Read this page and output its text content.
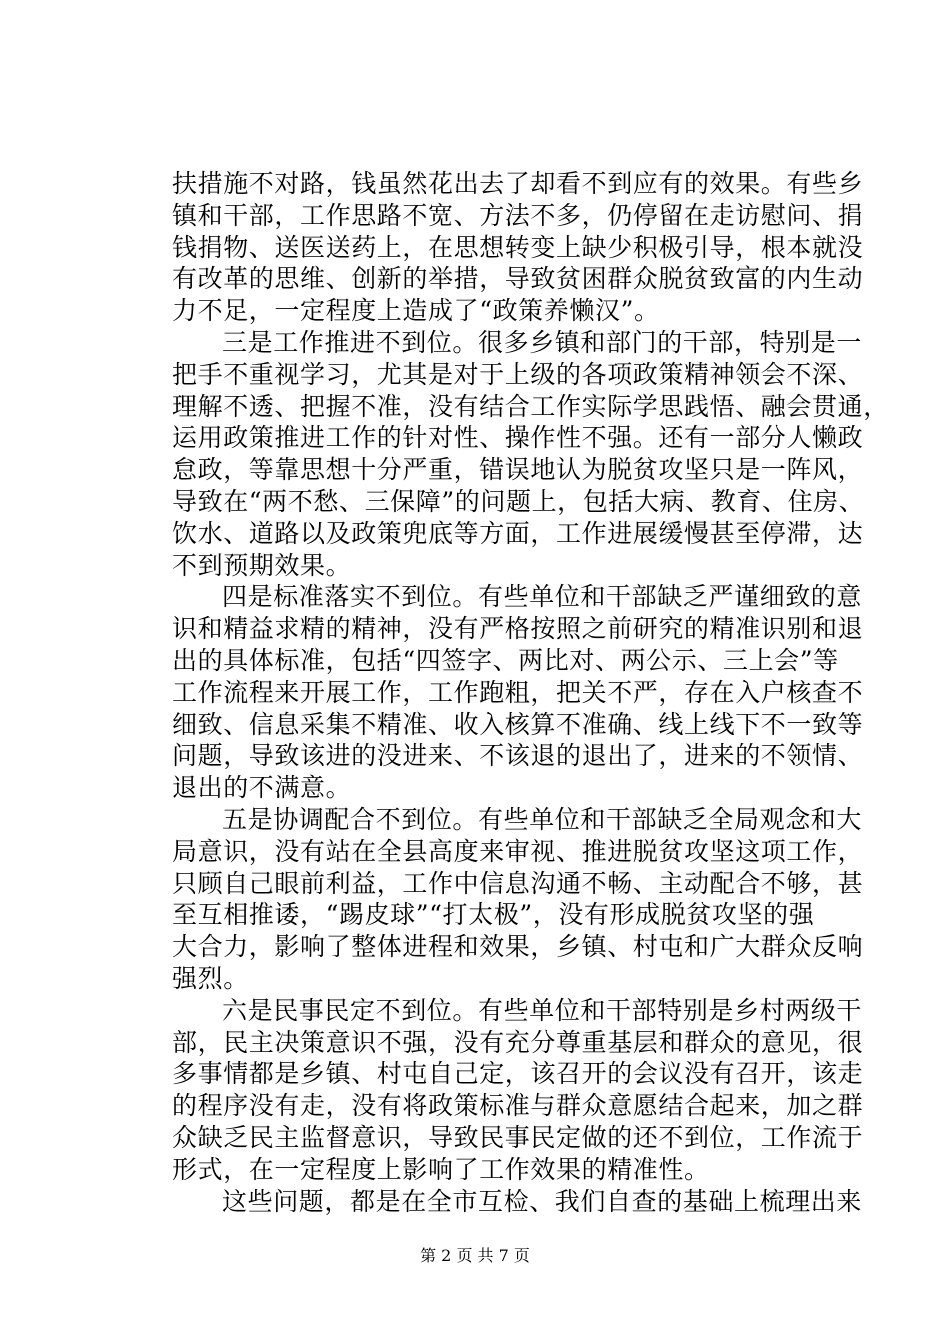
扶措施不对路，钱虽然花出去了却看不到应有的效果。有些乡
镇和干部，工作思路不宽、方法不多，仍停留在走访慰问、捐
钱捐物、送医送药上，在思想转变上缺少积极引导，根本就没
有改革的思维、创新的举措，导致贫困群众脱贫致富的内生动
力不足，一定程度上造成了“政策养懒汉”。
三是工作推进不到位。很多乡镇和部门的干部，特别是一
把手不重视学习，尤其是对于上级的各项政策精神领会不深、
理解不透、把握不准，没有结合工作实际学思践悟、融会贯通，
运用政策推进工作的针对性、操作性不强。还有一部分人懒政
怠政，等靠思想十分严重，错误地认为脱贫攻坚只是一阵风，
导致在“两不愁、三保障”的问题上，包括大病、教育、住房、
饮水、道路以及政策兜底等方面，工作进展缓慢甚至停滞，达
不到预期效果。
四是标准落实不到位。有些单位和干部缺乏严谨细致的意
识和精益求精的精神，没有严格按照之前研究的精准识别和退
出的具体标准，包括“四签字、两比对、两公示、三上会”等
工作流程来开展工作，工作跑粗，把关不严，存在入户核查不
细致、信息采集不精准、收入核算不准确、线上线下不一致等
问题，导致该进的没进来、不该退的退出了，进来的不领情、
退出的不满意。
五是协调配合不到位。有些单位和干部缺乏全局观念和大
局意识，没有站在全县高度来审视、推进脱贫攻坚这项工作，
只顾自己眼前利益，工作中信息沟通不畅、主动配合不够，甚
至互相推诿，“踢皮球”“打太极”，没有形成脱贫攻坚的强
大合力，影响了整体进程和效果，乡镇、村屯和广大群众反响
强烈。
六是民事民定不到位。有些单位和干部特别是乡村两级干
部，民主决策意识不强，没有充分尊重基层和群众的意见，很
多事情都是乡镇、村屯自己定，该召开的会议没有召开，该走
的程序没有走，没有将政策标准与群众意愿结合起来，加之群
众缺乏民主监督意识，导致民事民定做的还不到位，工作流于
形式，在一定程度上影响了工作效果的精准性。
这些问题，都是在全市互检、我们自查的基础上梳理出来
第 2 页 共 7 页
